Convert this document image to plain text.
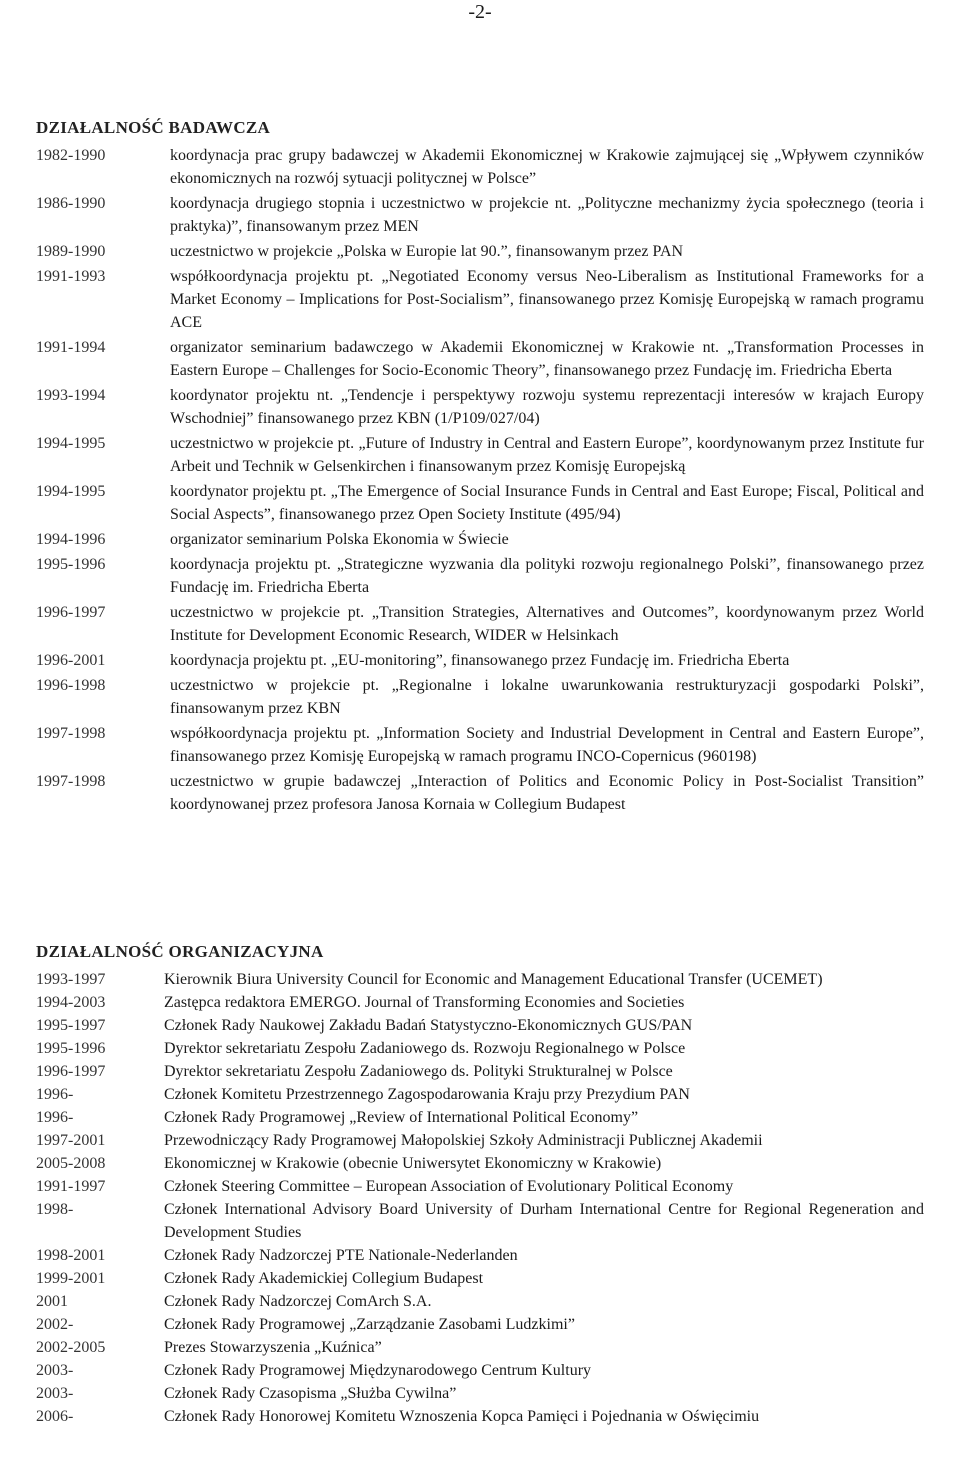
-2-
DZIAŁALNOŚĆ BADAWCZA
1982-1990	koordynacja prac grupy badawczej w Akademii Ekonomicznej w Krakowie zajmującej się „Wpływem czynników ekonomicznych na rozwój sytuacji politycznej w Polsce”
1986-1990	koordynacja drugiego stopnia i uczestnictwo w projekcie nt. „Polityczne mechanizmy życia społecznego (teoria i praktyka)”, finansowanym przez MEN
1989-1990	uczestnictwo w projekcie „Polska w Europie lat 90.”, finansowanym przez PAN
1991-1993	współkoordynacja projektu pt. „Negotiated Economy versus Neo-Liberalism as Institutional Frameworks for a Market Economy – Implications for Post-Socialism”, finansowanego przez Komisję Europejską w ramach programu ACE
1991-1994	organizator seminarium badawczego w Akademii Ekonomicznej w Krakowie nt. „Transformation Processes in Eastern Europe – Challenges for Socio-Economic Theory”, finansowanego przez Fundację im. Friedricha Eberta
1993-1994	koordynator projektu nt. „Tendencje i perspektywy rozwoju systemu reprezentacji interesów w krajach Europy Wschodniej” finansowanego przez KBN (1/P109/027/04)
1994-1995	uczestnictwo w projekcie pt. „Future of Industry in Central and Eastern Europe”, koordynowanym przez Institute fur Arbeit und Technik w Gelsenkirchen i finansowanym przez Komisję Europejską
1994-1995	koordynator projektu pt. „The Emergence of Social Insurance Funds in Central and East Europe; Fiscal, Political and Social Aspects”, finansowanego przez Open Society Institute (495/94)
1994-1996	organizator seminarium Polska Ekonomia w Świecie
1995-1996	koordynacja projektu pt. „Strategiczne wyzwania dla polityki rozwoju regionalnego Polski”, finansowanego przez Fundację im. Friedricha Eberta
1996-1997	uczestnictwo w projekcie pt. „Transition Strategies, Alternatives and Outcomes”, koordynowanym przez World Institute for Development Economic Research, WIDER w Helsinkach
1996-2001	koordynacja projektu pt. „EU-monitoring”, finansowanego przez Fundację im. Friedricha Eberta
1996-1998	uczestnictwo w projekcie pt. „Regionalne i lokalne uwarunkowania restrukturyzacji gospodarki Polski”, finansowanym przez KBN
1997-1998	współkoordynacja projektu pt. „Information Society and Industrial Development in Central and Eastern Europe”, finansowanego przez Komisję Europejską w ramach programu INCO-Copernicus (960198)
1997-1998	uczestnictwo w grupie badawczej „Interaction of Politics and Economic Policy in Post-Socialist Transition” koordynowanej przez profesora Janosa Kornaia w Collegium Budapest
DZIAŁALNOŚĆ ORGANIZACYJNA
1993-1997	Kierownik Biura University Council for Economic and Management Educational Transfer (UCEMET)
1994-2003	Zastępca redaktora EMERGO. Journal of Transforming Economies and Societies
1995-1997	Członek Rady Naukowej Zakładu Badań Statystyczno-Ekonomicznych GUS/PAN
1995-1996	Dyrektor sekretariatu Zespołu Zadaniowego ds. Rozwoju Regionalnego w Polsce
1996-1997	Dyrektor sekretariatu Zespołu Zadaniowego ds. Polityki Strukturalnej w Polsce
1996-	Członek Komitetu Przestrzennego Zagospodarowania Kraju przy Prezydium PAN
1996-	Członek Rady Programowej „Review of International Political Economy”
1997-2001	Przewodniczący Rady Programowej Małopolskiej Szkoły Administracji Publicznej Akademii
2005-2008	Ekonomicznej w Krakowie (obecnie Uniwersytet Ekonomiczny w Krakowie)
1991-1997	Członek Steering Committee – European Association of Evolutionary Political Economy
1998-	Członek International Advisory Board University of Durham International Centre for Regional Regeneration and Development Studies
1998-2001	Członek Rady Nadzorczej PTE Nationale-Nederlanden
1999-2001	Członek Rady Akademickiej Collegium Budapest
2001	Członek Rady Nadzorczej ComArch S.A.
2002-	Członek Rady Programowej „Zarządzanie Zasobami Ludzkimi”
2002-2005	Prezes Stowarzyszenia „Kuźnica”
2003-	Członek Rady Programowej Międzynarodowego Centrum Kultury
2003-	Członek Rady Czasopisma „Służba Cywilna”
2006-	Członek Rady Honorowej Komitetu Wznoszenia Kopca Pamięci i Pojednania w Oświęcimiu
